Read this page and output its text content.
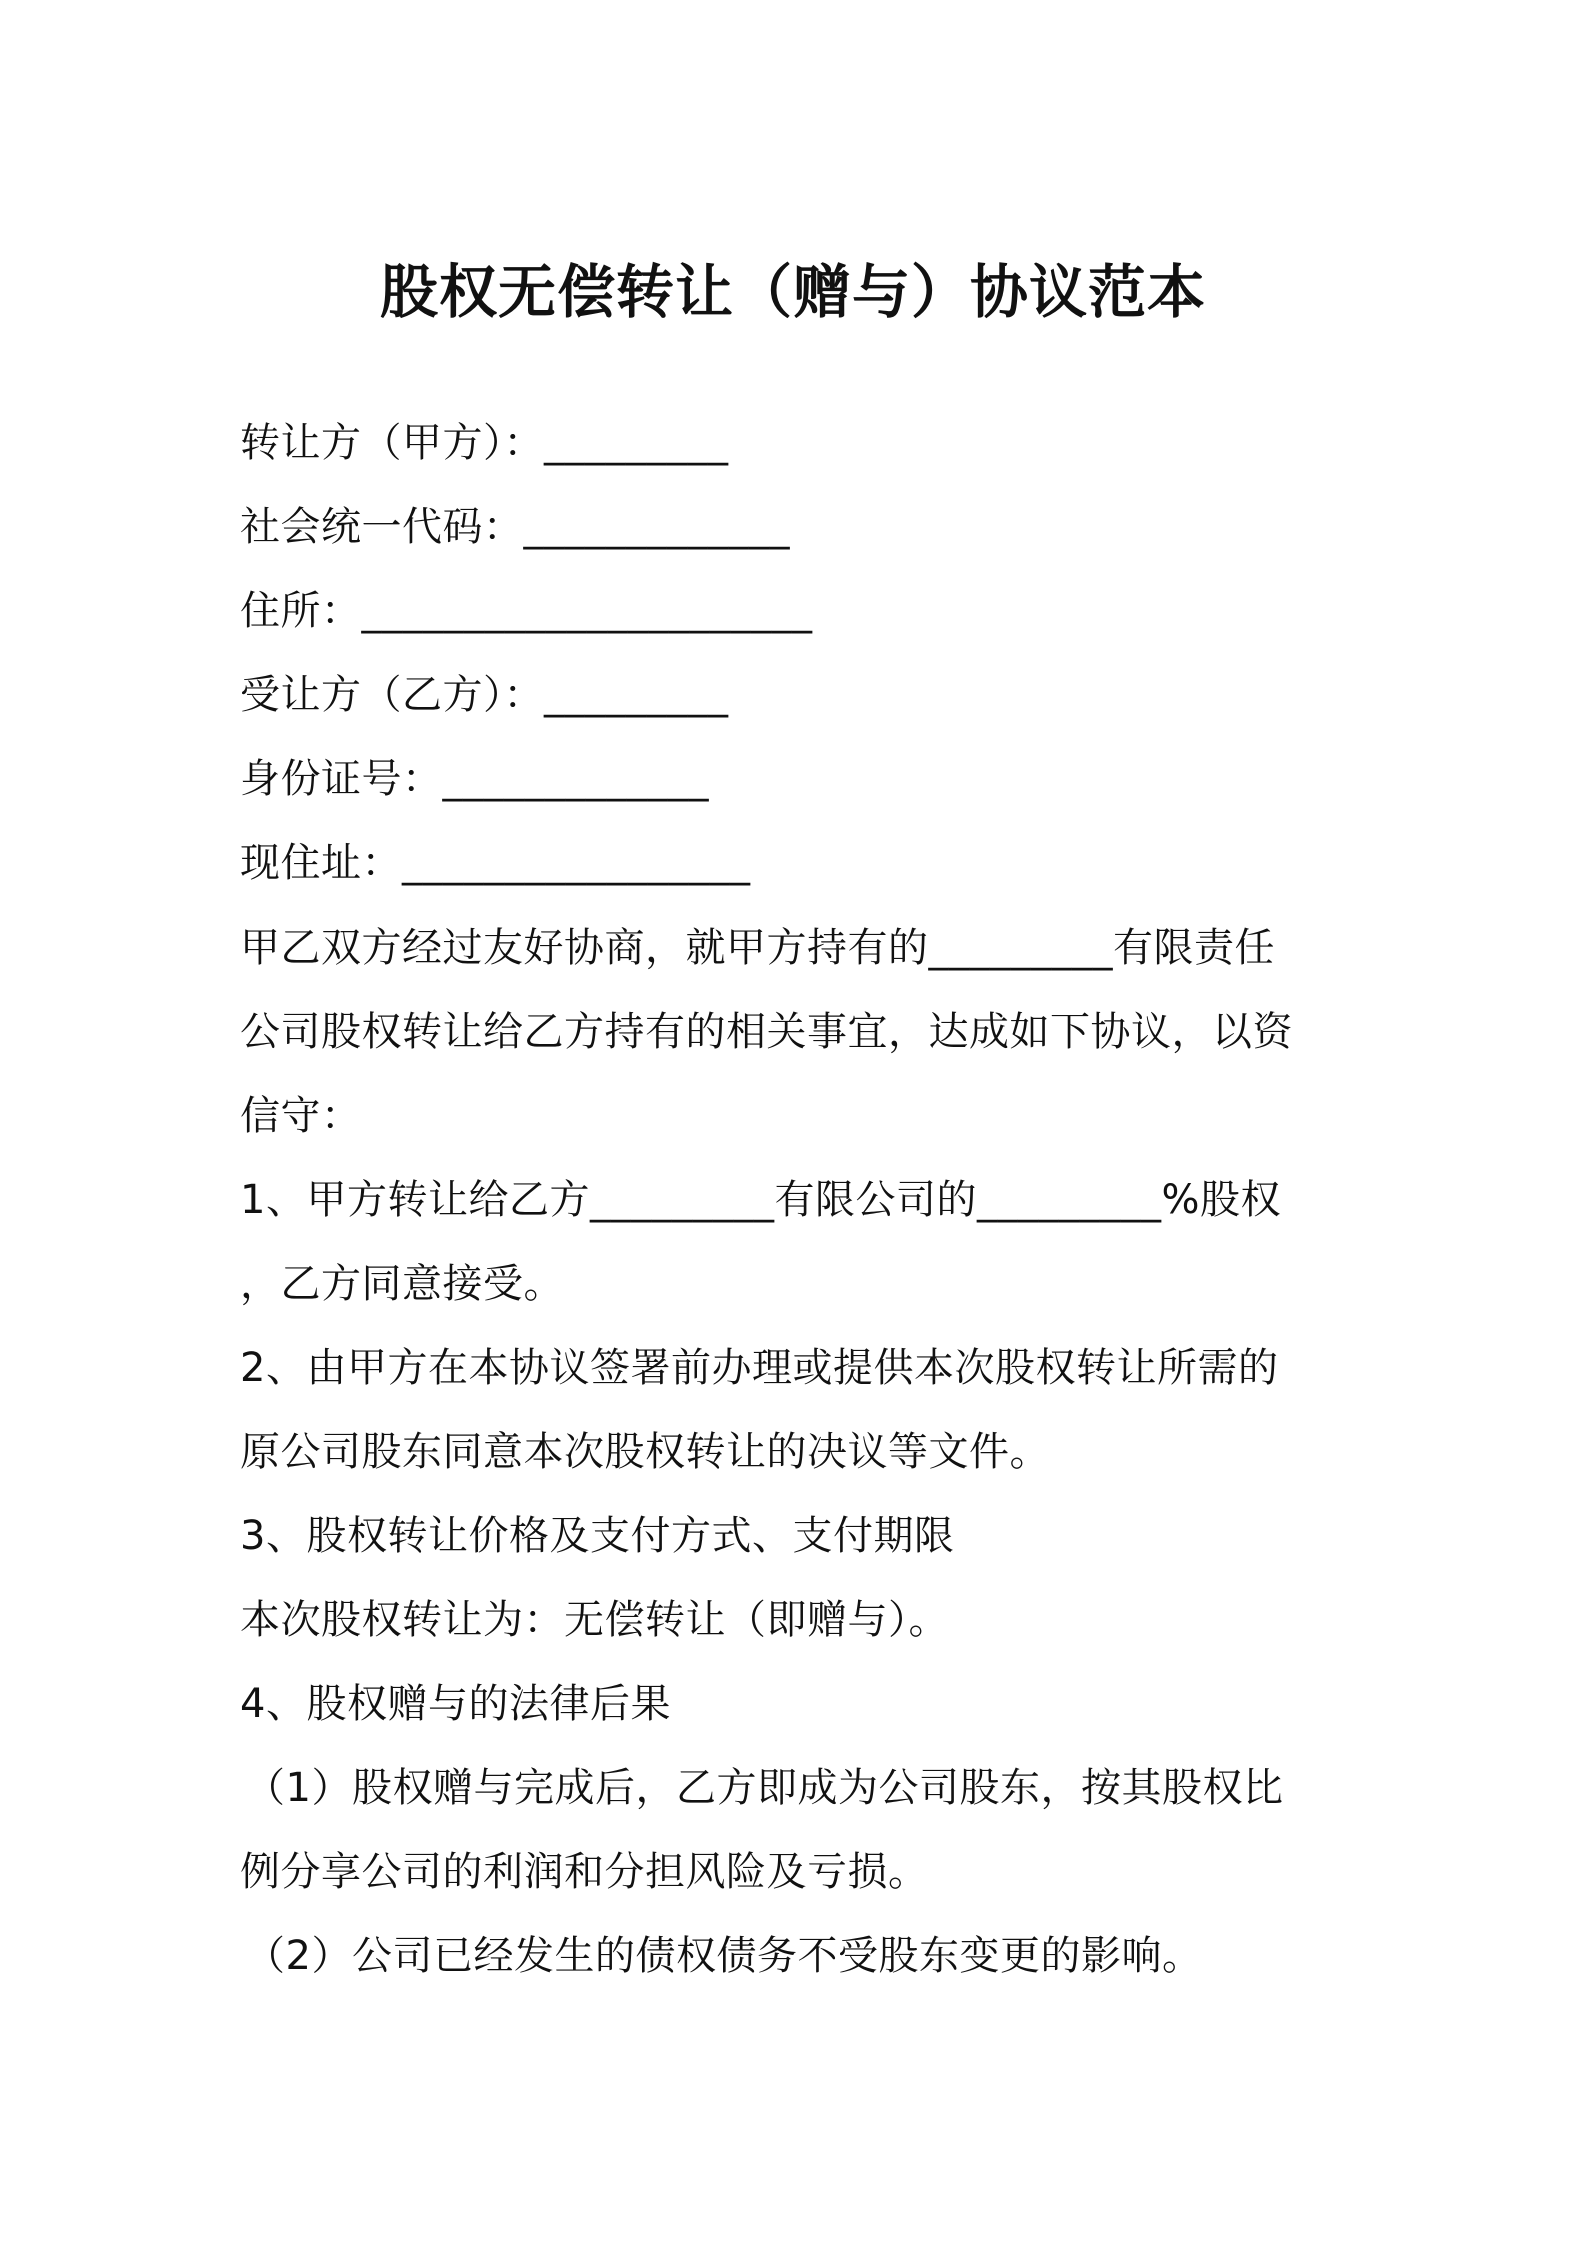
股权无偿转让（赠与）协议范本
转让方（甲方）：_________
社会统一代码：_____________
住所：______________________
受让方（乙方）：_________
身份证号：_____________
现住址：_________________
甲乙双方经过友好协商，就甲方持有的_________有限责任
公司股权转让给乙方持有的相关事宜，达成如下协议，以资
信守：
1、甲方转让给乙方_________有限公司的_________%股权
，乙方同意接受。
2、由甲方在本协议签署前办理或提供本次股权转让所需的
原公司股东同意本次股权转让的决议等文件。
3、股权转让价格及支付方式、支付期限
本次股权转让为：无偿转让（即赠与）。
4、股权赠与的法律后果
（1）股权赠与完成后，乙方即成为公司股东，按其股权比
例分享公司的利润和分担风险及亏损。
（2）公司已经发生的债权债务不受股东变更的影响。
